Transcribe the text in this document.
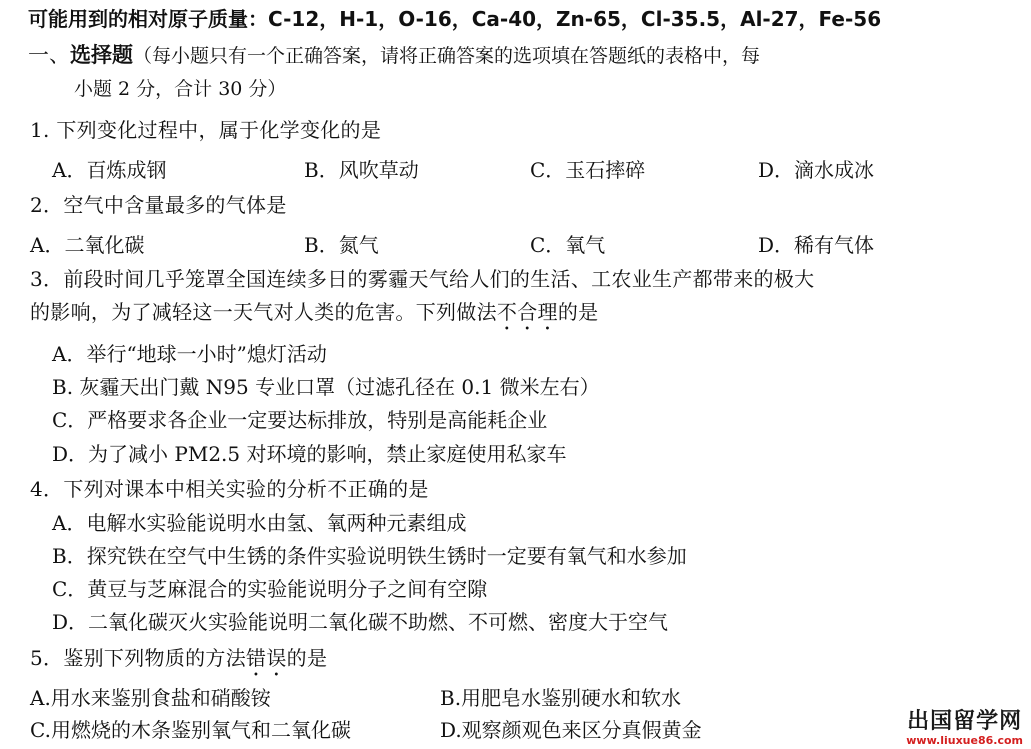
可能用到的相对原子质量：C-12，H-1，O-16，Ca-40，Zn-65，Cl-35.5，Al-27，Fe-56
一、选择题（每小题只有一个正确答案，请将正确答案的选项填在答题纸的表格中，每
小题 2 分，合计 30 分）
1. 下列变化过程中，属于化学变化的是
A．百炼成钢	B．风吹草动	C．玉石摔碎	D．滴水成冰
2．空气中含量最多的气体是
A．二氧化碳	B．氮气	C．氧气	D．稀有气体
3．前段时间几乎笼罩全国连续多日的雾霾天气给人们的生活、工农业生产都带来的极大
的影响，为了减轻这一天气对人类的危害。下列做法不合理的是
A．举行“地球一小时”熄灯活动
B. 灰霾天出门戴 N95 专业口罩（过滤孔径在 0.1 微米左右）
C．严格要求各企业一定要达标排放，特别是高能耗企业
D．为了减小 PM2.5 对环境的影响，禁止家庭使用私家车
4．下列对课本中相关实验的分析不正确的是
A．电解水实验能说明水由氢、氧两种元素组成
B．探究铁在空气中生锈的条件实验说明铁生锈时一定要有氧气和水参加
C．黄豆与芝麻混合的实验能说明分子之间有空隙
D．二氧化碳灭火实验能说明二氧化碳不助燃、不可燃、密度大于空气
5．鉴别下列物质的方法错误的是
A.用水来鉴别食盐和硝酸铵	B.用肥皂水鉴别硬水和软水
C.用燃烧的木条鉴别氧气和二氧化碳	D.观察颜观色来区分真假黄金	出国留学网
www.liuxue86.com
